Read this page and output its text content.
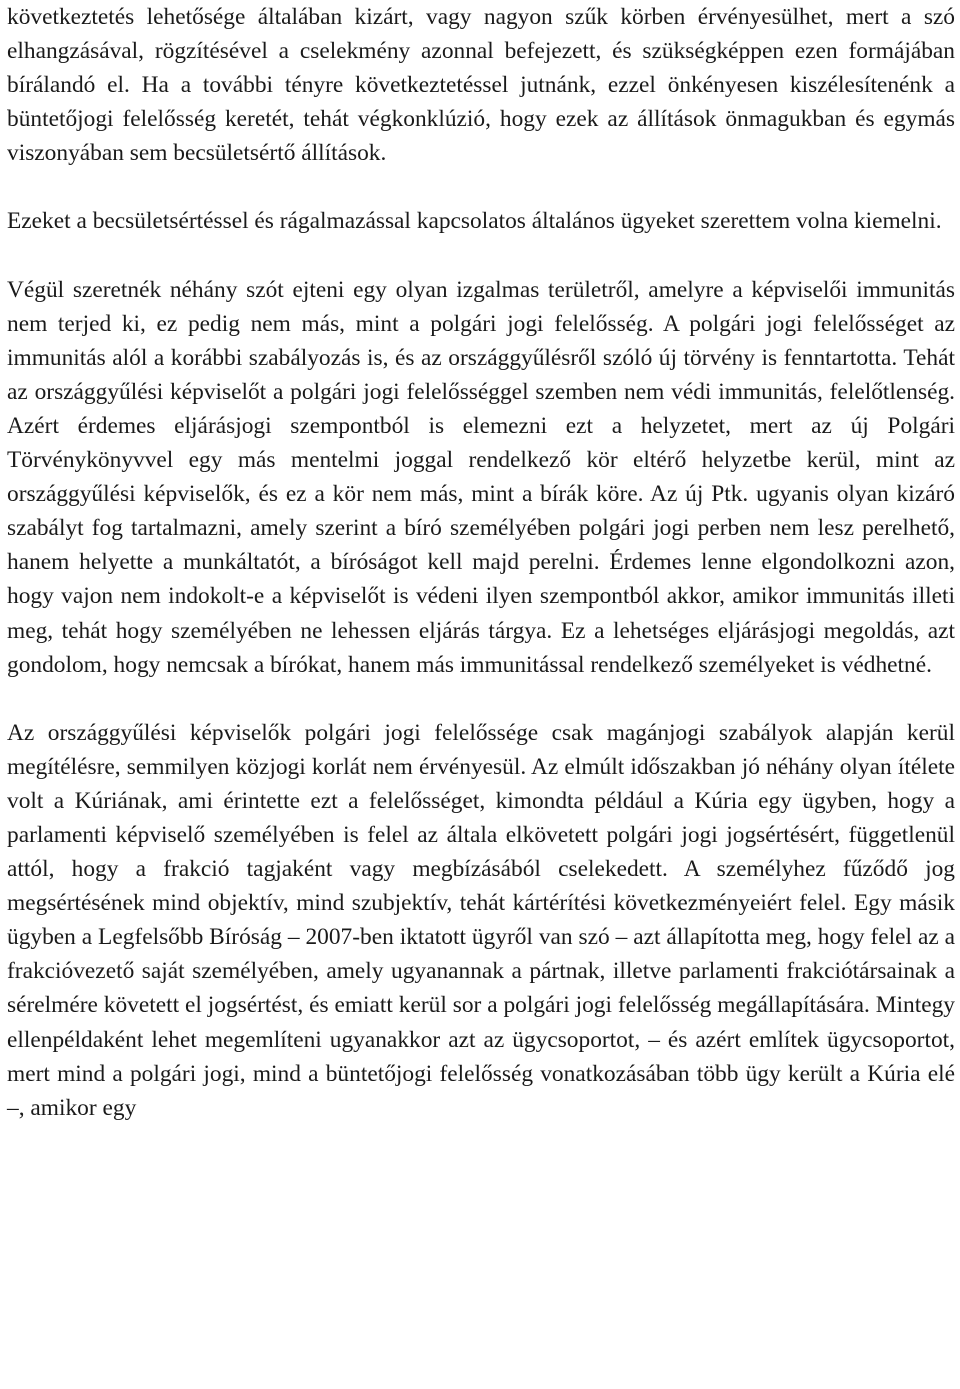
következtetés lehetősége általában kizárt, vagy nagyon szűk körben érvényesülhet, mert a szó elhangzásával, rögzítésével a cselekmény azonnal befejezett, és szükségképpen ezen formájában bírálandó el. Ha a további tényre következtetéssel jutnánk, ezzel önkényesen kiszélesítenénk a büntetőjogi felelősség keretét, tehát végkonklúzió, hogy ezek az állítások önmagukban és egymás viszonyában sem becsületsértő állítások.

Ezeket a becsületsértéssel és rágalmazással kapcsolatos általános ügyeket szerettem volna kiemelni.

Végül szeretnék néhány szót ejteni egy olyan izgalmas területről, amelyre a képviselői immunitás nem terjed ki, ez pedig nem más, mint a polgári jogi felelősség. A polgári jogi felelősséget az immunitás alól a korábbi szabályozás is, és az országgyűlésről szóló új törvény is fenntartotta. Tehát az országgyűlési képviselőt a polgári jogi felelősséggel szemben nem védi immunitás, felelőtlenség. Azért érdemes eljárásjogi szempontból is elemezni ezt a helyzetet, mert az új Polgári Törvénykönyvvel egy más mentelmi joggal rendelkező kör eltérő helyzetbe kerül, mint az országgyűlési képviselők, és ez a kör nem más, mint a bírák köre. Az új Ptk. ugyanis olyan kizáró szabályt fog tartalmazni, amely szerint a bíró személyében polgári jogi perben nem lesz perelhető, hanem helyette a munkáltatót, a bíróságot kell majd perelni. Érdemes lenne elgondolkozni azon, hogy vajon nem indokolt-e a képviselőt is védeni ilyen szempontból akkor, amikor immunitás illeti meg, tehát hogy személyében ne lehessen eljárás tárgya. Ez a lehetséges eljárásjogi megoldás, azt gondolom, hogy nemcsak a bírókat, hanem más immunitással rendelkező személyeket is védhetné.

Az országgyűlési képviselők polgári jogi felelőssége csak magánjogi szabályok alapján kerül megítélésre, semmilyen közjogi korlát nem érvényesül. Az elmúlt időszakban jó néhány olyan ítélete volt a Kúriának, ami érintette ezt a felelősséget, kimondta például a Kúria egy ügyben, hogy a parlamenti képviselő személyében is felel az általa elkövetett polgári jogi jogsértésért, függetlenül attól, hogy a frakció tagjaként vagy megbízásából cselekedett. A személyhez fűződő jog megsértésének mind objektív, mind szubjektív, tehát kártérítési következményeiért felel. Egy másik ügyben a Legfelsőbb Bíróság – 2007-ben iktatott ügyről van szó – azt állapította meg, hogy felel az a frakcióvezető saját személyében, amely ugyanannak a pártnak, illetve parlamenti frakciótársainak a sérelmére követett el jogsértést, és emiatt kerül sor a polgári jogi felelősség megállapítására. Mintegy ellenpéldaként lehet megemlíteni ugyanakkor azt az ügycsoportot, – és azért említek ügycsoportot, mert mind a polgári jogi, mind a büntetőjogi felelősség vonatkozásában több ügy került a Kúria elé –, amikor egy
